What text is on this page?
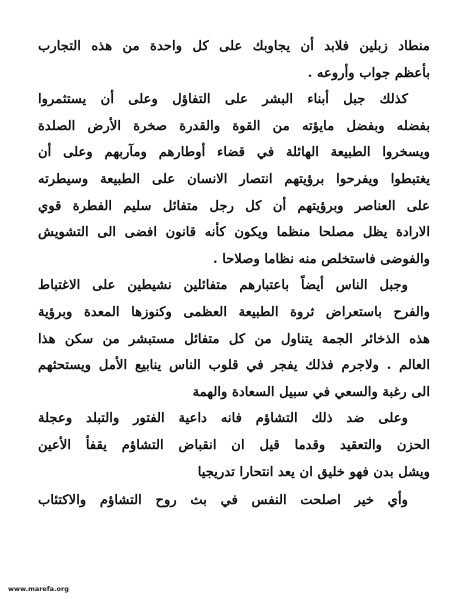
منطاد زبلين فلابد أن يجاوبك على كل واحدة من هذه التجارب
بأعظم جواب وأروعه .
كذلك جبل أبناء البشر على التفاؤل وعلى أن يستثمروا
بفضله وبفضل مايؤته من القوة والقدرة صخرة الأرض الصلدة
ويسخروا الطبيعة الهائلة في قضاء أوطارهم ومآربهم وعلى أن
يغتبطوا ويفرحوا برؤيتهم انتصار الانسان على الطبيعة وسيطرته
على العناصر وبرؤيتهم أن كل رجل متفائل سليم الفطرة قوي
الارادة يظل مصلحا منظما ويكون كأنه قانون افضى الى التشويش
والفوضى فاستخلص منه نظاما وصلاحا .
وجبل الناس أيضاً باعتبارهم متفائلين نشيطين على الاغتباط
والفرح باستعراض ثروة الطبيعة العظمى وكنوزها المعدة وبرؤية
هذه الذخائر الجمة يتناول من كل متفائل مستبشر من سكن هذا
العالم . ولاجرم فذلك يفجر في قلوب الناس ينابيع الأمل ويستحثهم
الى رغبة والسعي في سبيل السعادة والهمة
وعلى ضد ذلك التشاؤم فانه داعية الفتور والتبلد وعجلة
الحزن والتعقيد وقدما قيل ان انقباض التشاؤم يقفأ الأعين
ويشل بدن فهو خليق ان يعد انتحارا تدريجيا
وأي خير اصلحت النفس في بث روح التشاؤم والاكتئاب
www.marefa.org
